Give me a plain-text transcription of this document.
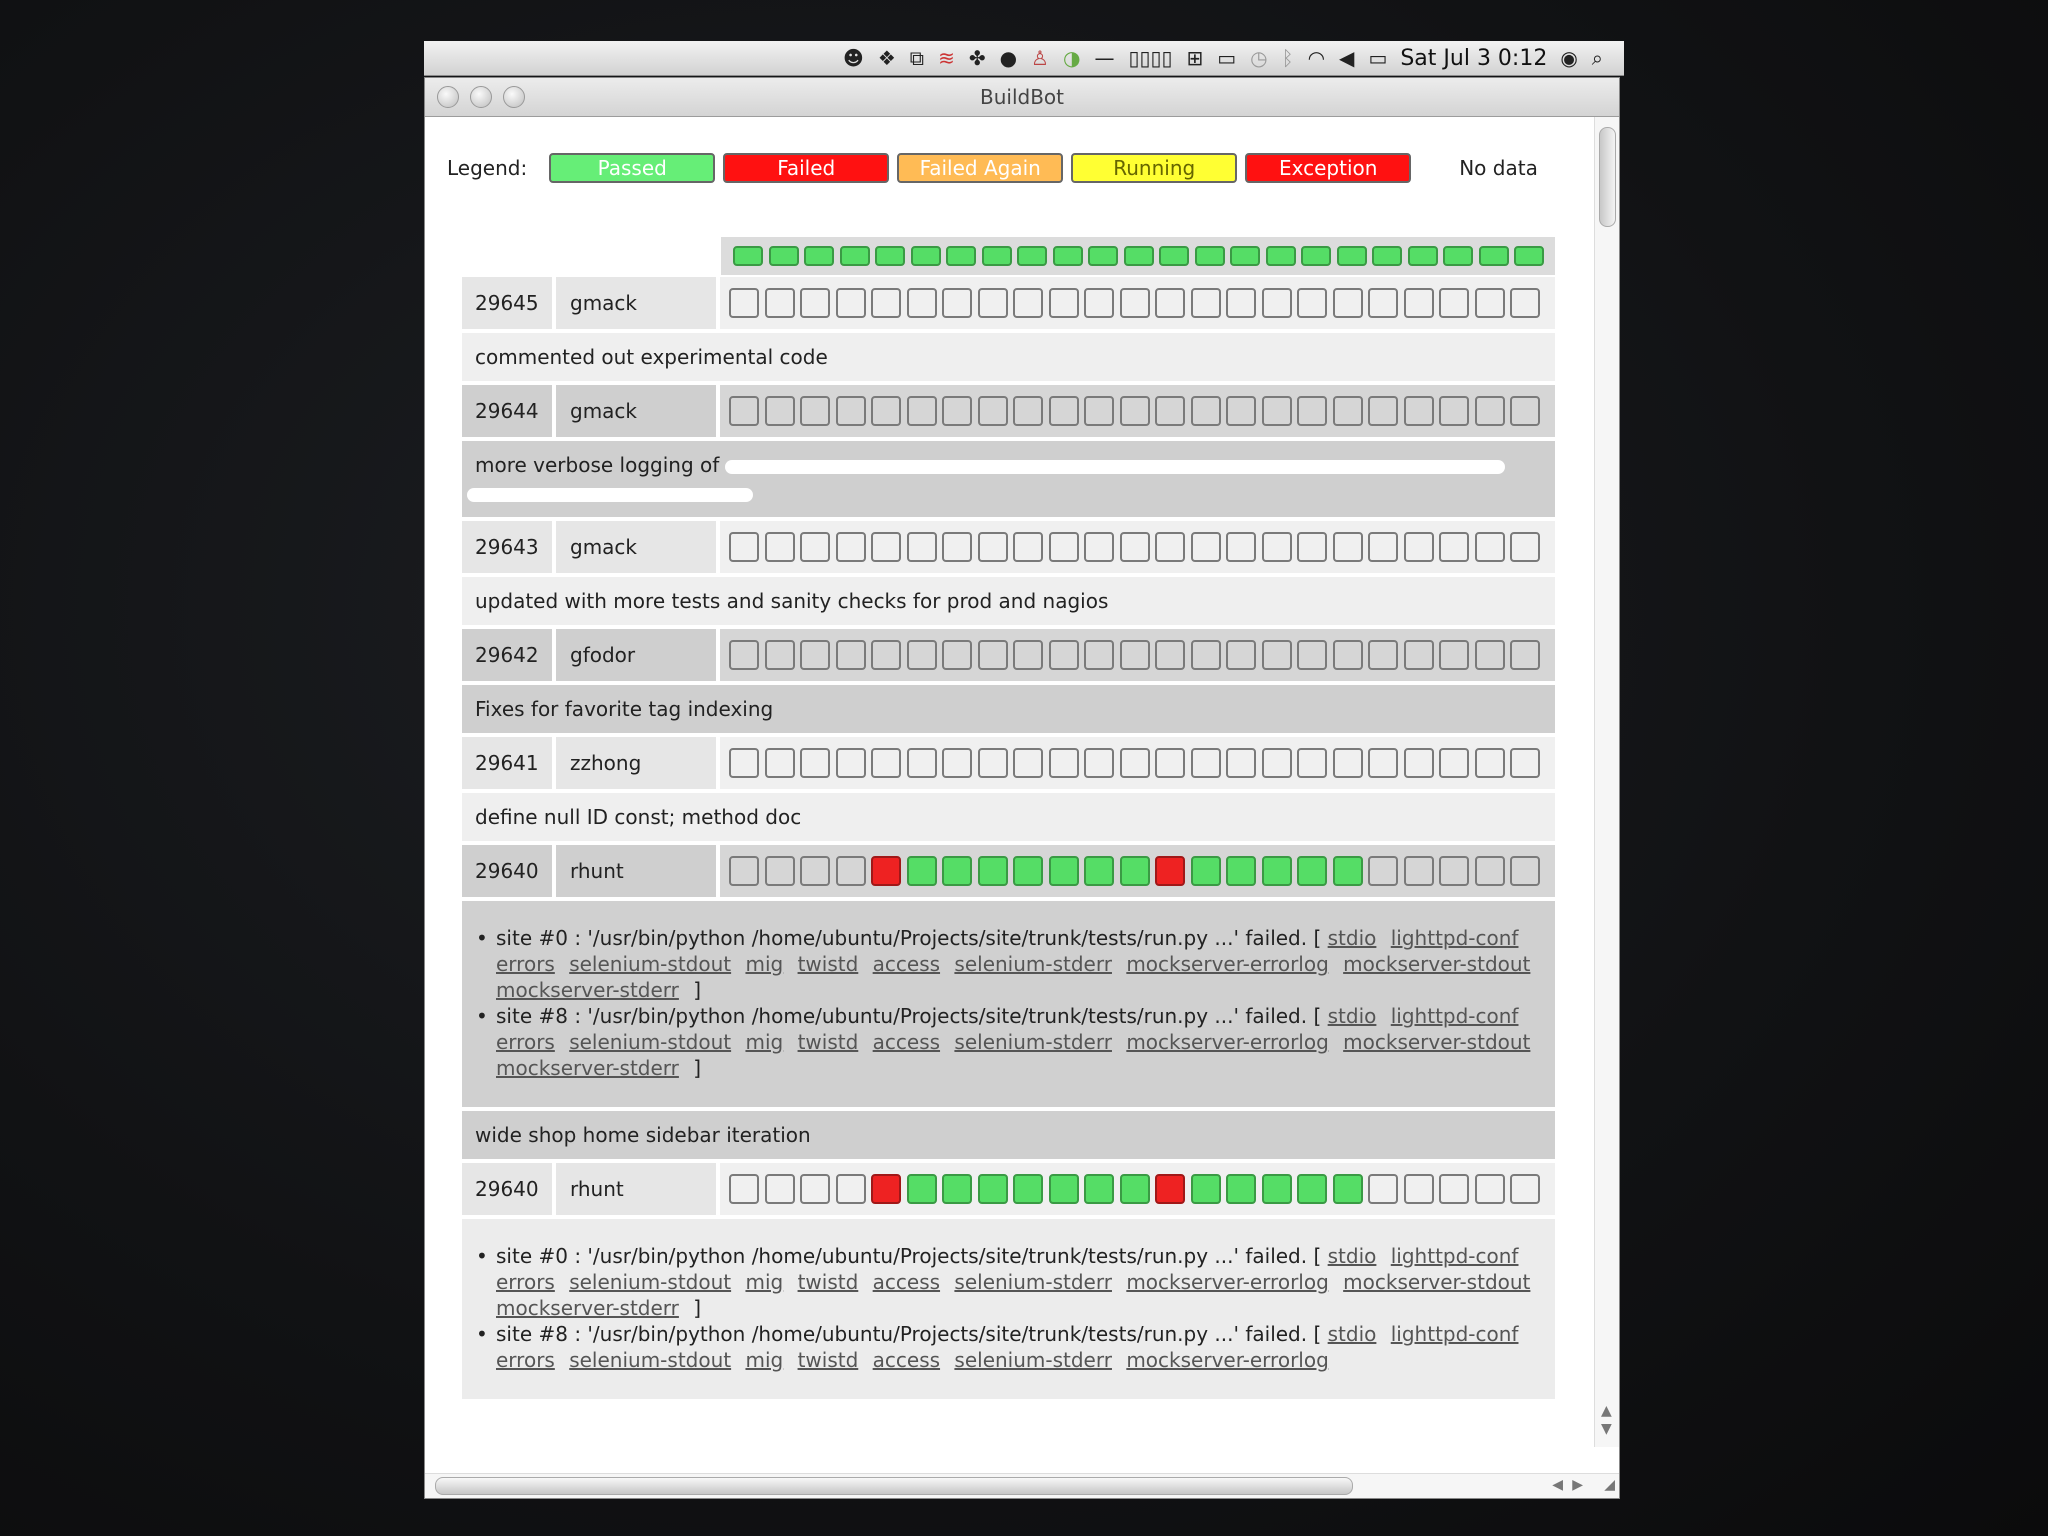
☻ ❖ ⧉ ≋ ✤ ● ♙ ◑ — ▯▯▯▯ ⊞ ▭ ◷ ᛒ ◠ ◀ ▭ Sat Jul 3 0:12 ◉ ⌕
BuildBot
Legend:	Passed	Failed	Failed Again	Running	Exception	No data
29645	gmack
commented out experimental code
29644	gmack
more verbose logging of

29643	gmack
updated with more tests and sanity checks for prod and nagios
29642	gfodor
Fixes for favorite tag indexing
29641	zzhong
define null ID const; method doc
29640	rhunt
• site #0 : '/usr/bin/python /home/ubuntu/Projects/site/trunk/tests/run.py ...' failed. [ stdio lighttpd-conf errors selenium-stdout mig twistd access selenium-stderr mockserver-errorlog mockserver-stdout mockserver-stderr ]
• site #8 : '/usr/bin/python /home/ubuntu/Projects/site/trunk/tests/run.py ...' failed. [ stdio lighttpd-conf errors selenium-stdout mig twistd access selenium-stderr mockserver-errorlog mockserver-stdout mockserver-stderr ]
wide shop home sidebar iteration
29640	rhunt
• site #0 : '/usr/bin/python /home/ubuntu/Projects/site/trunk/tests/run.py ...' failed. [ stdio lighttpd-conf errors selenium-stdout mig twistd access selenium-stderr mockserver-errorlog mockserver-stdout mockserver-stderr ]
• site #8 : '/usr/bin/python /home/ubuntu/Projects/site/trunk/tests/run.py ...' failed. [ stdio lighttpd-conf errors selenium-stdout mig twistd access selenium-stderr mockserver-errorlog
▲
▼
◀ ▶ ◢
